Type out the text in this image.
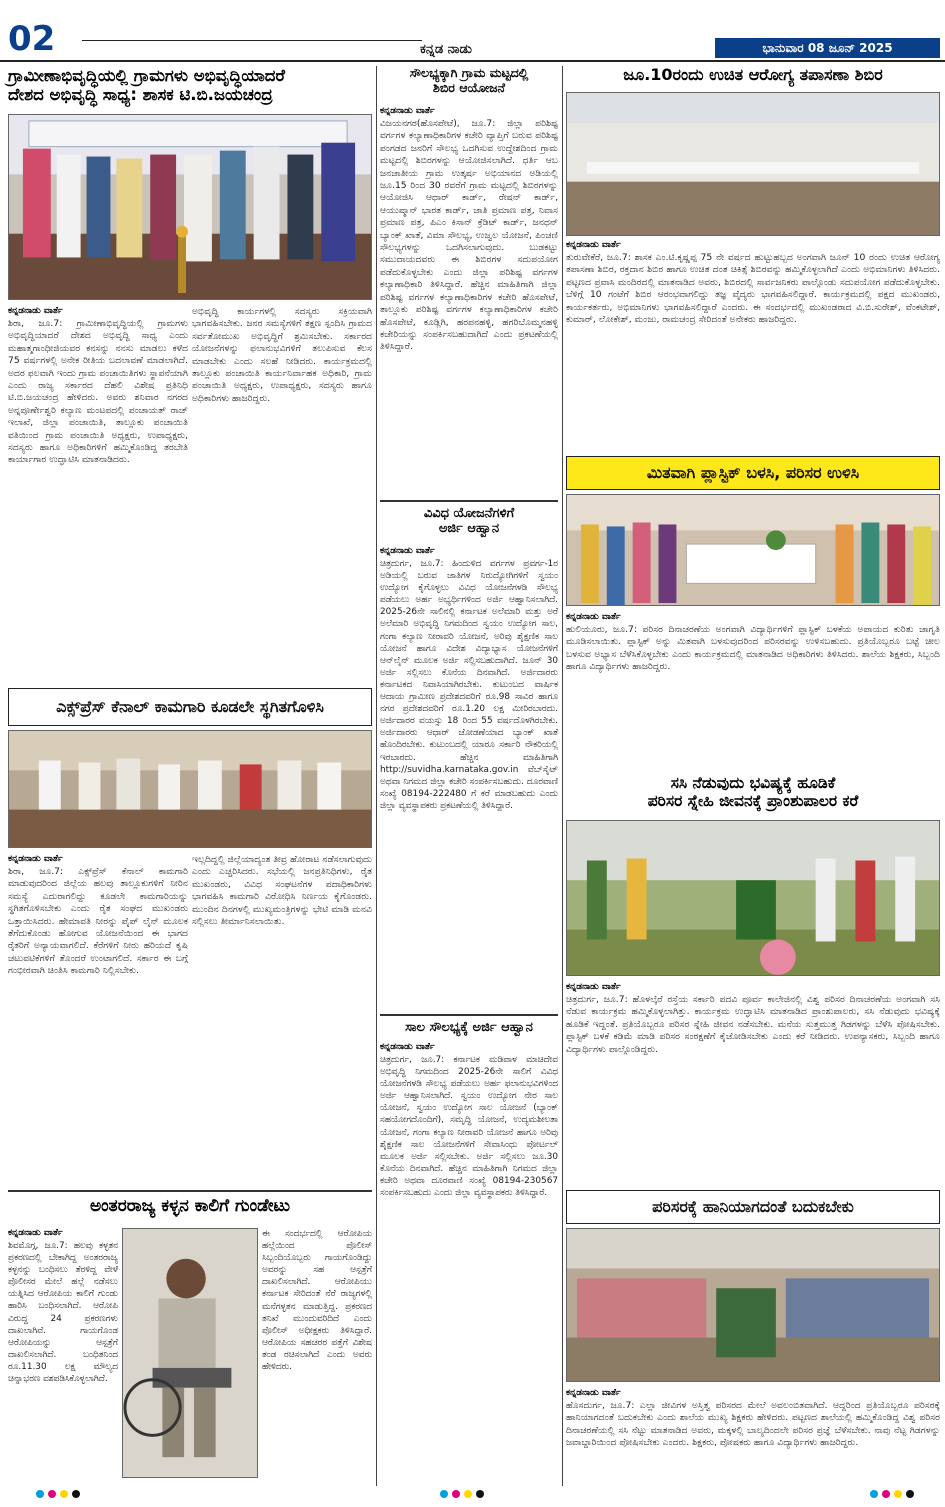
02	ಕನ್ನಡ ನಾಡು	ಭಾನುವಾರ 08 ಜೂನ್ 2025
ಗ್ರಾಮೀಣಾಭಿವೃದ್ಧಿಯಲ್ಲಿ ಗ್ರಾಮಗಳು ಅಭಿವೃದ್ಧಿಯಾದರೆ
ದೇಶದ ಅಭಿವೃದ್ಧಿ ಸಾಧ್ಯ: ಶಾಸಕ ಟಿ.ಬಿ.ಜಯಚಂದ್ರ
ಕನ್ನಡನಾಡು ವಾರ್ತೆ
ಶಿರಾ, ಜೂ.7: ಗ್ರಾಮೀಣಾಭಿವೃದ್ಧಿಯಲ್ಲಿ ಗ್ರಾಮಗಳು ಅಭಿವೃದ್ಧಿಯಾದರೆ ದೇಶದ ಅಭಿವೃದ್ಧಿ ಸಾಧ್ಯ ಎಂದು ಮಹಾತ್ಮಗಾಂಧೀಜಿಯವರ ಕನಸನ್ನು ನನಸು ಮಾಡಲು ಕಳೆದ 75 ವರ್ಷಗಳಲ್ಲಿ ಅನೇಕ ರೀತಿಯ ಬದಲಾವಣೆ ಮಾಡಲಾಗಿದೆ. ಅದರ ಫಲವಾಗಿ ಇಂದು ಗ್ರಾಮ ಪಂಚಾಯಿತಿಗಳು ಸ್ಥಾಪನೆಯಾಗಿ ಎಂದು ರಾಜ್ಯ ಸರ್ಕಾರದ ದೆಹಲಿ ವಿಶೇಷ ಪ್ರತಿನಿಧಿ ಟಿ.ಬಿ.ಜಯಚಂದ್ರ ಹೇಳಿದರು. ಅವರು ಶನಿವಾರ ನಗರದ ಅನ್ನಪೂರ್ಣೇಶ್ವರಿ ಕಲ್ಯಾಣ ಮಂಟಪದಲ್ಲಿ ಪಂಚಾಯತ್ ರಾಜ್ ಇಲಾಖೆ, ಜಿಲ್ಲಾ ಪಂಚಾಯಿತಿ, ತಾಲ್ಲೂಕು ಪಂಚಾಯಿತಿ ವತಿಯಿಂದ ಗ್ರಾಮ ಪಂಚಾಯಿತಿ ಅಧ್ಯಕ್ಷರು, ಉಪಾಧ್ಯಕ್ಷರು, ಸದಸ್ಯರು ಹಾಗೂ ಅಧಿಕಾರಿಗಳಿಗೆ ಹಮ್ಮಿಕೊಂಡಿದ್ದ ತರಬೇತಿ ಕಾರ್ಯಾಗಾರ ಉದ್ಘಾಟಿಸಿ ಮಾತನಾಡಿದರು.
ಅಭಿವೃದ್ಧಿ ಕಾರ್ಯಗಳಲ್ಲಿ ಸದಸ್ಯರು ಸಕ್ರಿಯವಾಗಿ ಭಾಗವಹಿಸಬೇಕು. ಜನರ ಸಮಸ್ಯೆಗಳಿಗೆ ತಕ್ಷಣ ಸ್ಪಂದಿಸಿ ಗ್ರಾಮದ ಸರ್ವತೋಮುಖ ಅಭಿವೃದ್ಧಿಗೆ ಶ್ರಮಿಸಬೇಕು. ಸರ್ಕಾರದ ಯೋಜನೆಗಳನ್ನು ಫಲಾನುಭವಿಗಳಿಗೆ ತಲುಪಿಸುವ ಕೆಲಸ ಮಾಡಬೇಕು ಎಂದು ಸಲಹೆ ನೀಡಿದರು. ಕಾರ್ಯಕ್ರಮದಲ್ಲಿ ತಾಲ್ಲೂಕು ಪಂಚಾಯಿತಿ ಕಾರ್ಯನಿರ್ವಾಹಕ ಅಧಿಕಾರಿ, ಗ್ರಾಮ ಪಂಚಾಯಿತಿ ಅಧ್ಯಕ್ಷರು, ಉಪಾಧ್ಯಕ್ಷರು, ಸದಸ್ಯರು ಹಾಗೂ ಅಧಿಕಾರಿಗಳು ಹಾಜರಿದ್ದರು.
ಎಕ್ಸ್‌ಪ್ರೆಸ್ ಕೆನಾಲ್ ಕಾಮಗಾರಿ ಕೂಡಲೇ ಸ್ಥಗಿತಗೊಳಿಸಿ
ಕನ್ನಡನಾಡು ವಾರ್ತೆ
ಶಿರಾ, ಜೂ.7: ಎಕ್ಸ್‌ಪ್ರೆಸ್ ಕೆನಾಲ್ ಕಾಮಗಾರಿ ಮಾಡುವುದರಿಂದ ಜಿಲ್ಲೆಯ ಹಲವು ತಾಲ್ಲೂಕುಗಳಿಗೆ ನೀರಿನ ಸಮಸ್ಯೆ ಎದುರಾಗಲಿದ್ದು ಕೂಡಲೇ ಕಾಮಗಾರಿಯನ್ನು ಸ್ಥಗಿತಗೊಳಿಸಬೇಕು ಎಂದು ರೈತ ಸಂಘದ ಮುಖಂಡರು ಒತ್ತಾಯಿಸಿದರು. ಹೇಮಾವತಿ ನೀರನ್ನು ಪೈಪ್ ಲೈನ್ ಮೂಲಕ ತೆಗೆದುಕೊಂಡು ಹೋಗುವ ಯೋಜನೆಯಿಂದ ಈ ಭಾಗದ ರೈತರಿಗೆ ಅನ್ಯಾಯವಾಗಲಿದೆ. ಕೆರೆಗಳಿಗೆ ನೀರು ಹರಿಯದೆ ಕೃಷಿ ಚಟುವಟಿಕೆಗಳಿಗೆ ತೊಂದರೆ ಉಂಟಾಗಲಿದೆ. ಸರ್ಕಾರ ಈ ಬಗ್ಗೆ ಗಂಭೀರವಾಗಿ ಚಿಂತಿಸಿ ಕಾಮಗಾರಿ ನಿಲ್ಲಿಸಬೇಕು.
ಇಲ್ಲದಿದ್ದಲ್ಲಿ ಜಿಲ್ಲೆಯಾದ್ಯಂತ ತೀವ್ರ ಹೋರಾಟ ನಡೆಸಲಾಗುವುದು ಎಂದು ಎಚ್ಚರಿಸಿದರು. ಸಭೆಯಲ್ಲಿ ಜನಪ್ರತಿನಿಧಿಗಳು, ರೈತ ಮುಖಂಡರು, ವಿವಿಧ ಸಂಘಟನೆಗಳ ಪದಾಧಿಕಾರಿಗಳು ಭಾಗವಹಿಸಿ ಕಾಮಗಾರಿ ವಿರೋಧಿಸಿ ನಿರ್ಣಯ ಕೈಗೊಂಡರು. ಮುಂದಿನ ದಿನಗಳಲ್ಲಿ ಮುಖ್ಯಮಂತ್ರಿಗಳನ್ನು ಭೇಟಿ ಮಾಡಿ ಮನವಿ ಸಲ್ಲಿಸಲು ತೀರ್ಮಾನಿಸಲಾಯಿತು.
ಅಂತರರಾಜ್ಯ ಕಳ್ಳನ ಕಾಲಿಗೆ ಗುಂಡೇಟು
ಕನ್ನಡನಾಡು ವಾರ್ತೆ
ಶಿವಮೊಗ್ಗ, ಜೂ.7: ಹಲವು ಕಳ್ಳತನ ಪ್ರಕರಣದಲ್ಲಿ ಬೇಕಾಗಿದ್ದ ಅಂತರರಾಜ್ಯ ಕಳ್ಳನನ್ನು ಬಂಧಿಸಲು ತೆರಳಿದ್ದ ವೇಳೆ ಪೊಲೀಸರ ಮೇಲೆ ಹಲ್ಲೆ ನಡೆಸಲು ಯತ್ನಿಸಿದ ಆರೋಪಿಯ ಕಾಲಿಗೆ ಗುಂಡು ಹಾರಿಸಿ ಬಂಧಿಸಲಾಗಿದೆ. ಆರೋಪಿ ವಿರುದ್ಧ 24 ಪ್ರಕರಣಗಳು ದಾಖಲಾಗಿವೆ. ಗಾಯಗೊಂಡ ಆರೋಪಿಯನ್ನು ಆಸ್ಪತ್ರೆಗೆ ದಾಖಲಿಸಲಾಗಿದೆ. ಬಂಧಿತನಿಂದ ರೂ.11.30 ಲಕ್ಷ ಮೌಲ್ಯದ ಚಿನ್ನಾಭರಣ ವಶಪಡಿಸಿಕೊಳ್ಳಲಾಗಿದೆ.
ಈ ಸಂದರ್ಭದಲ್ಲಿ ಆರೋಪಿಯ ಹಲ್ಲೆಯಿಂದ ಪೊಲೀಸ್ ಸಿಬ್ಬಂದಿಯೊಬ್ಬರು ಗಾಯಗೊಂಡಿದ್ದು ಅವರನ್ನು ಸಹ ಆಸ್ಪತ್ರೆಗೆ ದಾಖಲಿಸಲಾಗಿದೆ. ಆರೋಪಿಯು ಕರ್ನಾಟಕ ಸೇರಿದಂತೆ ನೆರೆ ರಾಜ್ಯಗಳಲ್ಲಿ ಮನೆಗಳ್ಳತನ ಮಾಡುತ್ತಿದ್ದ. ಪ್ರಕರಣದ ತನಿಖೆ ಮುಂದುವರಿದಿದೆ ಎಂದು ಪೊಲೀಸ್ ಅಧೀಕ್ಷಕರು ತಿಳಿಸಿದ್ದಾರೆ. ಆರೋಪಿಯ ಸಹಚರರ ಪತ್ತೆಗೆ ವಿಶೇಷ ತಂಡ ರಚಿಸಲಾಗಿದೆ ಎಂದು ಅವರು ಹೇಳಿದರು.
ಸೌಲಭ್ಯಕ್ಕಾಗಿ ಗ್ರಾಮ ಮಟ್ಟದಲ್ಲಿ
ಶಿಬಿರ ಆಯೋಜನೆ
ಕನ್ನಡನಾಡು ವಾರ್ತೆ
ವಿಜಯನಗರ(ಹೊಸಪೇಟೆ), ಜೂ.7: ಜಿಲ್ಲಾ ಪರಿಶಿಷ್ಟ ವರ್ಗಗಳ ಕಲ್ಯಾಣಾಧಿಕಾರಿಗಳ ಕಚೇರಿ ವ್ಯಾಪ್ತಿಗೆ ಬರುವ ಪರಿಶಿಷ್ಟ ಪಂಗಡದ ಜನರಿಗೆ ಸೌಲಭ್ಯ ಒದಗಿಸುವ ಉದ್ದೇಶದಿಂದ ಗ್ರಾಮ ಮಟ್ಟದಲ್ಲಿ ಶಿಬಿರಗಳನ್ನು ಆಯೋಜಿಸಲಾಗಿದೆ. ಧರ್ತಿ ಆಬ ಜನಜಾತೀಯ ಗ್ರಾಮ ಉತ್ಕರ್ಷ ಅಭಿಯಾನದ ಅಡಿಯಲ್ಲಿ ಜೂ.15 ರಿಂದ 30 ರವರೆಗೆ ಗ್ರಾಮ ಮಟ್ಟದಲ್ಲಿ ಶಿಬಿರಗಳನ್ನು ಆಯೋಜಿಸಿ ಆಧಾರ್ ಕಾರ್ಡ್, ರೇಷನ್ ಕಾರ್ಡ್, ಆಯುಷ್ಮಾನ್ ಭಾರತ ಕಾರ್ಡ್, ಜಾತಿ ಪ್ರಮಾಣ ಪತ್ರ, ನಿವಾಸ ಪ್ರಮಾಣ ಪತ್ರ, ಪಿಎಂ ಕಿಸಾನ್ ಕ್ರೆಡಿಟ್ ಕಾರ್ಡ್, ಜನಧನ್ ಬ್ಯಾಂಕ್ ಖಾತೆ, ವಿಮಾ ಸೌಲಭ್ಯ, ಉಜ್ವಲ ಯೋಜನೆ, ಪಿಂಚಣಿ ಸೌಲಭ್ಯಗಳನ್ನು ಒದಗಿಸಲಾಗುವುದು. ಬುಡಕಟ್ಟು ಸಮುದಾಯದವರು ಈ ಶಿಬಿರಗಳ ಸದುಪಯೋಗ ಪಡೆದುಕೊಳ್ಳಬೇಕು ಎಂದು ಜಿಲ್ಲಾ ಪರಿಶಿಷ್ಟ ವರ್ಗಗಳ ಕಲ್ಯಾಣಾಧಿಕಾರಿ ತಿಳಿಸಿದ್ದಾರೆ. ಹೆಚ್ಚಿನ ಮಾಹಿತಿಗಾಗಿ ಜಿಲ್ಲಾ ಪರಿಶಿಷ್ಟ ವರ್ಗಗಳ ಕಲ್ಯಾಣಾಧಿಕಾರಿಗಳ ಕಚೇರಿ ಹೊಸಪೇಟೆ, ತಾಲ್ಲೂಕು ಪರಿಶಿಷ್ಟ ವರ್ಗಗಳ ಕಲ್ಯಾಣಾಧಿಕಾರಿಗಳ ಕಚೇರಿ ಹೊಸಪೇಟೆ, ಕೂಡ್ಲಿಗಿ, ಹರಪನಹಳ್ಳಿ, ಹಗರಿಬೊಮ್ಮನಹಳ್ಳಿ ಕಚೇರಿಯನ್ನು ಸಂಪರ್ಕಿಸಬಹುದಾಗಿದೆ ಎಂದು ಪ್ರಕಟಣೆಯಲ್ಲಿ ತಿಳಿಸಿದ್ದಾರೆ.
ವಿವಿಧ ಯೋಜನೆಗಳಿಗೆ
ಅರ್ಜಿ ಆಹ್ವಾನ
ಕನ್ನಡನಾಡು ವಾರ್ತೆ
ಚಿತ್ರದುರ್ಗ, ಜೂ.7: ಹಿಂದುಳಿದ ವರ್ಗಗಳ ಪ್ರವರ್ಗ-1ರ ಅಡಿಯಲ್ಲಿ ಬರುವ ಜಾತಿಗಳ ನಿರುದ್ಯೋಗಿಗಳಿಗೆ ಸ್ವಯಂ ಉದ್ಯೋಗ ಕೈಗೊಳ್ಳಲು ವಿವಿಧ ಯೋಜನೆಗಳಡಿ ಸೌಲಭ್ಯ ಪಡೆಯಲು ಅರ್ಹ ಅಭ್ಯರ್ಥಿಗಳಿಂದ ಅರ್ಜಿ ಆಹ್ವಾನಿಸಲಾಗಿದೆ. 2025-26ನೇ ಸಾಲಿನಲ್ಲಿ ಕರ್ನಾಟಕ ಅಲೆಮಾರಿ ಮತ್ತು ಅರೆ ಅಲೆಮಾರಿ ಅಭಿವೃದ್ಧಿ ನಿಗಮದಿಂದ ಸ್ವಯಂ ಉದ್ಯೋಗ ಸಾಲ, ಗಂಗಾ ಕಲ್ಯಾಣ ನೀರಾವರಿ ಯೋಜನೆ, ಅರಿವು ಶೈಕ್ಷಣಿಕ ಸಾಲ ಯೋಜನೆ ಹಾಗೂ ವಿದೇಶ ವಿದ್ಯಾಭ್ಯಾಸ ಯೋಜನೆಗಳಿಗೆ ಆನ್‌ಲೈನ್ ಮೂಲಕ ಅರ್ಜಿ ಸಲ್ಲಿಸಬಹುದಾಗಿದೆ. ಜೂನ್ 30 ಅರ್ಜಿ ಸಲ್ಲಿಸಲು ಕೊನೆಯ ದಿನವಾಗಿದೆ. ಅರ್ಜಿದಾರರು ಕರ್ನಾಟಕದ ನಿವಾಸಿಯಾಗಿರಬೇಕು. ಕುಟುಂಬದ ವಾರ್ಷಿಕ ಆದಾಯ ಗ್ರಾಮೀಣ ಪ್ರದೇಶದವರಿಗೆ ರೂ.98 ಸಾವಿರ ಹಾಗೂ ನಗರ ಪ್ರದೇಶದವರಿಗೆ ರೂ.1.20 ಲಕ್ಷ ಮೀರಿರಬಾರದು. ಅರ್ಜಿದಾರರ ವಯಸ್ಸು 18 ರಿಂದ 55 ವರ್ಷದೊಳಗಿರಬೇಕು. ಅರ್ಜಿದಾರರು ಆಧಾರ್ ಜೋಡಣೆಯಾದ ಬ್ಯಾಂಕ್ ಖಾತೆ ಹೊಂದಿರಬೇಕು. ಕುಟುಂಬದಲ್ಲಿ ಯಾರೂ ಸರ್ಕಾರಿ ನೌಕರಿಯಲ್ಲಿ ಇರಬಾರದು. ಹೆಚ್ಚಿನ ಮಾಹಿತಿಗಾಗಿ http://suvidha.karnataka.gov.in ವೆಬ್‌ಸೈಟ್ ಅಥವಾ ನಿಗಮದ ಜಿಲ್ಲಾ ಕಚೇರಿ ಸಂಪರ್ಕಿಸಬಹುದು. ದೂರವಾಣಿ ಸಂಖ್ಯೆ 08194-222480 ಗೆ ಕರೆ ಮಾಡಬಹುದು ಎಂದು ಜಿಲ್ಲಾ ವ್ಯವಸ್ಥಾಪಕರು ಪ್ರಕಟಣೆಯಲ್ಲಿ ತಿಳಿಸಿದ್ದಾರೆ.
ಸಾಲ ಸೌಲಭ್ಯಕ್ಕೆ ಅರ್ಜಿ ಆಹ್ವಾನ
ಕನ್ನಡನಾಡು ವಾರ್ತೆ
ಚಿತ್ರದುರ್ಗ, ಜೂ.7: ಕರ್ನಾಟಕ ಮಡಿವಾಳ ಮಾಚಿದೇವ ಅಭಿವೃದ್ಧಿ ನಿಗಮದಿಂದ 2025-26ನೇ ಸಾಲಿಗೆ ವಿವಿಧ ಯೋಜನೆಗಳಡಿ ಸೌಲಭ್ಯ ಪಡೆಯಲು ಅರ್ಹ ಫಲಾನುಭವಿಗಳಿಂದ ಅರ್ಜಿ ಆಹ್ವಾನಿಸಲಾಗಿದೆ. ಸ್ವಯಂ ಉದ್ಯೋಗ ನೇರ ಸಾಲ ಯೋಜನೆ, ಸ್ವಯಂ ಉದ್ಯೋಗ ಸಾಲ ಯೋಜನೆ (ಬ್ಯಾಂಕ್ ಸಹಯೋಗದೊಂದಿಗೆ), ಸಮೃದ್ಧಿ ಯೋಜನೆ, ಉದ್ಯಮಶೀಲತಾ ಯೋಜನೆ, ಗಂಗಾ ಕಲ್ಯಾಣ ನೀರಾವರಿ ಯೋಜನೆ ಹಾಗೂ ಅರಿವು ಶೈಕ್ಷಣಿಕ ಸಾಲ ಯೋಜನೆಗಳಿಗೆ ಸೇವಾಸಿಂಧು ಪೋರ್ಟಲ್ ಮೂಲಕ ಅರ್ಜಿ ಸಲ್ಲಿಸಬೇಕು. ಅರ್ಜಿ ಸಲ್ಲಿಸಲು ಜೂ.30 ಕೊನೆಯ ದಿನವಾಗಿದೆ. ಹೆಚ್ಚಿನ ಮಾಹಿತಿಗಾಗಿ ನಿಗಮದ ಜಿಲ್ಲಾ ಕಚೇರಿ ಅಥವಾ ದೂರವಾಣಿ ಸಂಖ್ಯೆ 08194-230567 ಸಂಪರ್ಕಿಸಬಹುದು ಎಂದು ಜಿಲ್ಲಾ ವ್ಯವಸ್ಥಾಪಕರು ತಿಳಿಸಿದ್ದಾರೆ.
ಜೂ.10ರಂದು ಉಚಿತ ಆರೋಗ್ಯ ತಪಾಸಣಾ ಶಿಬಿರ
ಕನ್ನಡನಾಡು ವಾರ್ತೆ
ತುರುವೇಕೆರೆ, ಜೂ.7: ಶಾಸಕ ಎಂ.ಟಿ.ಕೃಷ್ಣಪ್ಪ 75 ನೇ ವರ್ಷದ ಹುಟ್ಟುಹಬ್ಬದ ಅಂಗವಾಗಿ ಜೂನ್ 10 ರಂದು ಉಚಿತ ಆರೋಗ್ಯ ತಪಾಸಣಾ ಶಿಬಿರ, ರಕ್ತದಾನ ಶಿಬಿರ ಹಾಗೂ ಉಚಿತ ದಂತ ಚಿಕಿತ್ಸೆ ಶಿಬಿರವನ್ನು ಹಮ್ಮಿಕೊಳ್ಳಲಾಗಿದೆ ಎಂದು ಅಭಿಮಾನಿಗಳು ತಿಳಿಸಿದರು. ಪಟ್ಟಣದ ಪ್ರವಾಸಿ ಮಂದಿರದಲ್ಲಿ ಮಾತನಾಡಿದ ಅವರು, ಶಿಬಿರದಲ್ಲಿ ಸಾರ್ವಜನಿಕರು ಪಾಲ್ಗೊಂಡು ಸದುಪಯೋಗ ಪಡೆದುಕೊಳ್ಳಬೇಕು. ಬೆಳಿಗ್ಗೆ 10 ಗಂಟೆಗೆ ಶಿಬಿರ ಆರಂಭವಾಗಲಿದ್ದು ತಜ್ಞ ವೈದ್ಯರು ಭಾಗವಹಿಸಲಿದ್ದಾರೆ. ಕಾರ್ಯಕ್ರಮದಲ್ಲಿ ಪಕ್ಷದ ಮುಖಂಡರು, ಕಾರ್ಯಕರ್ತರು, ಅಭಿಮಾನಿಗಳು ಭಾಗವಹಿಸಲಿದ್ದಾರೆ ಎಂದರು. ಈ ಸಂದರ್ಭದಲ್ಲಿ ಮುಖಂಡರಾದ ವಿ.ಬಿ.ಸುರೇಶ್, ವೆಂಕಟೇಶ್, ಕುಮಾರ್, ಲೋಕೇಶ್, ಮಂಜು, ರಾಮಚಂದ್ರ ಸೇರಿದಂತೆ ಅನೇಕರು ಹಾಜರಿದ್ದರು.
ಮಿತವಾಗಿ ಪ್ಲಾಸ್ಟಿಕ್ ಬಳಸಿ, ಪರಿಸರ ಉಳಿಸಿ
ಕನ್ನಡನಾಡು ವಾರ್ತೆ
ಹುಲಿಯೂರು, ಜೂ.7: ಪರಿಸರ ದಿನಾಚರಣೆಯ ಅಂಗವಾಗಿ ವಿದ್ಯಾರ್ಥಿಗಳಿಗೆ ಪ್ಲಾಸ್ಟಿಕ್ ಬಳಕೆಯ ಅಪಾಯದ ಕುರಿತು ಜಾಗೃತಿ ಮೂಡಿಸಲಾಯಿತು. ಪ್ಲಾಸ್ಟಿಕ್ ಅನ್ನು ಮಿತವಾಗಿ ಬಳಸುವುದರಿಂದ ಪರಿಸರವನ್ನು ಉಳಿಸಬಹುದು. ಪ್ರತಿಯೊಬ್ಬರೂ ಬಟ್ಟೆ ಚೀಲ ಬಳಸುವ ಅಭ್ಯಾಸ ಬೆಳೆಸಿಕೊಳ್ಳಬೇಕು ಎಂದು ಕಾರ್ಯಕ್ರಮದಲ್ಲಿ ಮಾತನಾಡಿದ ಅಧಿಕಾರಿಗಳು ತಿಳಿಸಿದರು. ಶಾಲೆಯ ಶಿಕ್ಷಕರು, ಸಿಬ್ಬಂದಿ ಹಾಗೂ ವಿದ್ಯಾರ್ಥಿಗಳು ಹಾಜರಿದ್ದರು.
ಸಸಿ ನೆಡುವುದು ಭವಿಷ್ಯಕ್ಕೆ ಹೂಡಿಕೆ
ಪರಿಸರ ಸ್ನೇಹಿ ಜೀವನಕ್ಕೆ ಪ್ರಾಂಶುಪಾಲರ ಕರೆ
ಕನ್ನಡನಾಡು ವಾರ್ತೆ
ಚಿತ್ರದುರ್ಗ, ಜೂ.7: ಹೊಳಲ್ಕೆರೆ ರಸ್ತೆಯ ಸರ್ಕಾರಿ ಪದವಿ ಪೂರ್ವ ಕಾಲೇಜಿನಲ್ಲಿ ವಿಶ್ವ ಪರಿಸರ ದಿನಾಚರಣೆಯ ಅಂಗವಾಗಿ ಸಸಿ ನೆಡುವ ಕಾರ್ಯಕ್ರಮ ಹಮ್ಮಿಕೊಳ್ಳಲಾಗಿತ್ತು. ಕಾರ್ಯಕ್ರಮ ಉದ್ಘಾಟಿಸಿ ಮಾತನಾಡಿದ ಪ್ರಾಂಶುಪಾಲರು, ಸಸಿ ನೆಡುವುದು ಭವಿಷ್ಯಕ್ಕೆ ಹೂಡಿಕೆ ಇದ್ದಂತೆ. ಪ್ರತಿಯೊಬ್ಬರೂ ಪರಿಸರ ಸ್ನೇಹಿ ಜೀವನ ನಡೆಸಬೇಕು. ಮನೆಯ ಸುತ್ತಮುತ್ತ ಗಿಡಗಳನ್ನು ಬೆಳೆಸಿ ಪೋಷಿಸಬೇಕು. ಪ್ಲಾಸ್ಟಿಕ್ ಬಳಕೆ ಕಡಿಮೆ ಮಾಡಿ ಪರಿಸರ ಸಂರಕ್ಷಣೆಗೆ ಕೈಜೋಡಿಸಬೇಕು ಎಂದು ಕರೆ ನೀಡಿದರು. ಉಪನ್ಯಾಸಕರು, ಸಿಬ್ಬಂದಿ ಹಾಗೂ ವಿದ್ಯಾರ್ಥಿಗಳು ಪಾಲ್ಗೊಂಡಿದ್ದರು.
ಪರಿಸರಕ್ಕೆ ಹಾನಿಯಾಗದಂತೆ ಬದುಕಬೇಕು
ಕನ್ನಡನಾಡು ವಾರ್ತೆ
ಹೊಸದುರ್ಗ, ಜೂ.7: ಎಲ್ಲಾ ಜೀವಿಗಳ ಅಸ್ತಿತ್ವ ಪರಿಸರದ ಮೇಲೆ ಅವಲಂಬಿತವಾಗಿದೆ. ಆದ್ದರಿಂದ ಪ್ರತಿಯೊಬ್ಬರೂ ಪರಿಸರಕ್ಕೆ ಹಾನಿಯಾಗದಂತೆ ಬದುಕಬೇಕು ಎಂದು ಶಾಲೆಯ ಮುಖ್ಯ ಶಿಕ್ಷಕರು ಹೇಳಿದರು. ಪಟ್ಟಣದ ಶಾಲೆಯಲ್ಲಿ ಹಮ್ಮಿಕೊಂಡಿದ್ದ ವಿಶ್ವ ಪರಿಸರ ದಿನಾಚರಣೆಯಲ್ಲಿ ಸಸಿ ನೆಟ್ಟು ಮಾತನಾಡಿದ ಅವರು, ಮಕ್ಕಳಲ್ಲಿ ಬಾಲ್ಯದಿಂದಲೇ ಪರಿಸರ ಪ್ರಜ್ಞೆ ಬೆಳೆಸಬೇಕು. ನಾವು ನೆಟ್ಟ ಗಿಡಗಳನ್ನು ಜವಾಬ್ದಾರಿಯಿಂದ ಪೋಷಿಸಬೇಕು ಎಂದರು. ಶಿಕ್ಷಕರು, ಪೋಷಕರು ಹಾಗೂ ವಿದ್ಯಾರ್ಥಿಗಳು ಹಾಜರಿದ್ದರು.
